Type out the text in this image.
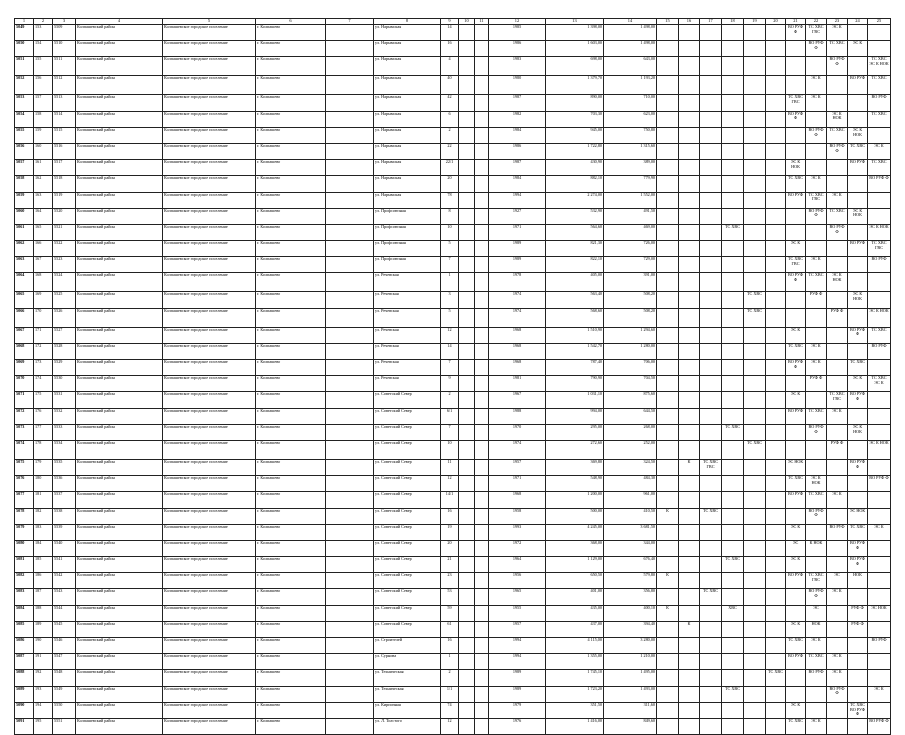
1	2	3	4	5	6	7	8	9	10	11	12	13	14	15	16	17	18	19	20	21	22	23	24	25
5049	153	5509	Колпашевский район	Колпашевское городское поселение	г. Колпашево		ул. Нарымская	14			1985	1 398,00	1 498,00							ВО РУФ Ф	ТС ХВС ГВС	ЭС К		
5050	154	5510	Колпашевский район	Колпашевское городское поселение	г. Колпашево		ул. Нарымская	16			1986	1 603,00	1 498,00								ВО РУФ Ф	ТС ХВС	ЭС К	
5051	155	5511	Колпашевский район	Колпашевское городское поселение	г. Колпашево		ул. Нарымская	4			1983	698,00	643,00									ВО РУФ Ф		ТС ХВС ЭС К НОК
5052	156	5512	Колпашевский район	Колпашевское городское поселение	г. Колпашево		ул. Нарымская	40			1980	1 379,70	1 193,20								ЭС К		ВО РУФ	ТС ХВС
5053	157	5513	Колпашевский район	Колпашевское городское поселение	г. Колпашево		ул. Нарымская	42			1987	890,00	710,00							ТС ХВС ГВС	ЭС К			ВО РУФ
5054	158	5514	Колпашевский район	Колпашевское городское поселение	г. Колпашево		ул. Нарымская	6			1982	703,30	623,00							ВО РУФ Ф		ЭС К НОК		ТС ХВС
5055	159	5515	Колпашевский район	Колпашевское городское поселение	г. Колпашево		ул. Нарымская	2			1984	945,00	750,80								ВО РУФ Ф	ТС ХВС	ЭС К НОК	
5056	160	5516	Колпашевский район	Колпашевское городское поселение	г. Колпашево		ул. Нарымская	22			1986	1 722,80	1 315,60									ВО РУФ Ф	ТС ХВС	ЭС К
5057	161	5517	Колпашевский район	Колпашевское городское поселение	г. Колпашево		ул. Нарымская	22/1			1987	430,90	389,00							ЭС К НОК			ВО РУФ	ТС ХВС
5058	162	5518	Колпашевский район	Колпашевское городское поселение	г. Колпашево		ул. Нарымская	20			1984	882,10	779,90							ТС ХВС	ЭС К			ВО РУФ Ф
5059	163	5519	Колпашевский район	Колпашевское городское поселение	г. Колпашево		ул. Нарымская	78			1994	2 274,00	1 552,00							ВО РУФ	ТС ХВС ГВС	ЭС К		
5060	164	5520	Колпашевский район	Колпашевское городское поселение	г. Колпашево		ул. Профсоюзная	8			1927	532,90	491,50								ВО РУФ Ф	ТС ХВС	ЭС К НОК	
5061	165	5521	Колпашевский район	Колпашевское городское поселение	г. Колпашево		ул. Профсоюзная	10			1971	564,60	469,00				ТС ХВС					ВО РУФ Ф		ЭС К НОК
5062	166	5522	Колпашевский район	Колпашевское городское поселение	г. Колпашево		ул. Профсоюзная	5			1989	821,30	726,00							ЭС К			ВО РУФ	ТС ХВС ГВС
5063	167	5523	Колпашевский район	Колпашевское городское поселение	г. Колпашево		ул. Профсоюзная	7			1989	822,10	729,00							ТС ХВС ГВС	ЭС К			ВО РУФ
5064	168	5524	Колпашевский район	Колпашевское городское поселение	г. Колпашево		ул. Речевская	1			1978	405,00	391,00							ВО РУФ Ф	ТС ХВС	ЭС К НОК		
5065	169	5525	Колпашевский район	Колпашевское городское поселение	г. Колпашево		ул. Речевская	3			1974	563,40	508,20					ТС ХВС			РУФ Ф		ЭС К НОК	
5066	170	5526	Колпашевский район	Колпашевское городское поселение	г. Колпашево		ул. Речевская	5			1974	568,60	508,20					ТС ХВС				РУФ Ф		ЭС К НОК
5067	171	5527	Колпашевский район	Колпашевское городское поселение	г. Колпашево		ул. Речевская	12			1968	1 510,90	1 294,60							ЭС К			ВО РУФ Ф	ТС ХВС
5068	172	5528	Колпашевский район	Колпашевское городское поселение	г. Колпашево		ул. Речевская	14			1968	1 542,70	1 280,00							ТС ХВС	ЭС К			ВО РУФ
5069	173	5529	Колпашевский район	Колпашевское городское поселение	г. Колпашево		ул. Речевская	7			1968	787,40	706,00							ВО РУФ Ф	ЭС К		ТС ХВС	
5070	174	5530	Колпашевский район	Колпашевское городское поселение	г. Колпашево		ул. Речевская	9			1981	790,90	704,50								РУФ Ф		ЭС К	ТС ХВС ЭС К
5071	175	5531	Колпашевский район	Колпашевское городское поселение	г. Колпашево		ул. Советский Север	2			1967	1 031,10	875,60							ЭС К		ТС ХВС ГВС	ВО РУФ Ф	
5072	176	5532	Колпашевский район	Колпашевское городское поселение	г. Колпашево		ул. Советский Север	6/1			1988	994,00	644,50							ВО РУФ	ТС ХВС	ЭС К		
5073	177	5533	Колпашевский район	Колпашевское городское поселение	г. Колпашево		ул. Советский Север	7			1970	295,00	268,00				ТС ХВС				ВО РУФ Ф		ЭС К НОК	
5074	178	5534	Колпашевский район	Колпашевское городское поселение	г. Колпашево		ул. Советский Север	10			1974	272,60	252,00					ТС ХВС				РУФ Ф		ЭС К НОК
5075	179	5535	Колпашевский район	Колпашевское городское поселение	г. Колпашево		ул. Советский Север	11			1957	369,80	324,50		К	ТС ХВС ГВС				ЭС НОК			ВО РУФ Ф	
5076	180	5536	Колпашевский район	Колпашевское городское поселение	г. Колпашево		ул. Советский Север	12			1971	548,90	484,30							ТС ХВС	ЭС К НОК			ВО РУФ Ф
5077	181	5537	Колпашевский район	Колпашевское городское поселение	г. Колпашево		ул. Советский Север	14/1			1968	1 200,00	961,00							ВО РУФ	ТС ХВС	ЭС К		
5078	182	5538	Колпашевский район	Колпашевское городское поселение	г. Колпашево		ул. Советский Север	16			1958	500,00	410,50	К		ТС ХВС					ВО РУФ Ф		ЭС НОК	
5079	183	5539	Колпашевский район	Колпашевское городское поселение	г. Колпашево		ул. Советский Север	19			1993	4 245,00	3 681,50							ЭС К		ВО РУФ	ТС ХВС	ЭС К
5080	184	5540	Колпашевский район	Колпашевское городское поселение	г. Колпашево		ул. Советский Север	20			1972	368,00	344,00							ЭС	К НОК		ВО РУФ Ф	
5081	185	5541	Колпашевский район	Колпашевское городское поселение	г. Колпашево		ул. Советский Север	21			1964	1 129,00	676,40				ТС ХВС			ЭС К			ВО РУФ Ф	
5082	186	5542	Колпашевский район	Колпашевское городское поселение	г. Колпашево		ул. Советский Север	23			1956	650,50	579,80	К						ВО РУФ	ТС ХВС ГВС	ЭС	НОК	
5083	187	5543	Колпашевский район	Колпашевское городское поселение	г. Колпашево		ул. Советский Север	53			1965	401,00	356,80			ТС ХВС					ВО РУФ Ф	ЭС К		
5084	188	5544	Колпашевский район	Колпашевское городское поселение	г. Колпашево		ул. Советский Север	59			1955	435,00	400,10	К			ХВС				ЭС		РУФ Ф	ЭС НОК
5085	189	5545	Колпашевский район	Колпашевское городское поселение	г. Колпашево		ул. Советский Север	61			1957	437,00	394,40		К					ЭС К	НОК		РУФ Ф	
5086	190	5546	Колпашевский район	Колпашевское городское поселение	г. Колпашево		ул. Строителей	16			1994	4 115,00	3 280,00							ТС ХВС	ЭС К			ВО РУФ
5087	191	5547	Колпашевский район	Колпашевское городское поселение	г. Колпашево		ул. Сурнова	1			1994	1 355,00	1 210,00							ВО РУФ	ТС ХВС	ЭС К		
5088	192	5548	Колпашевский район	Колпашевское городское поселение	г. Колпашево		ул. Техническая	2			1989	1 745,10	1 495,00						ТС ХВС		ВО РУФ	ЭС К		
5089	193	5549	Колпашевский район	Колпашевское городское поселение	г. Колпашево		ул. Техническая	1/1			1989	1 723,20	1 493,00				ТС ХВС					ВО РУФ Ф		ЭС К
5090	194	5550	Колпашевский район	Колпашевское городское поселение	г. Колпашево		ул. Кирпичная	74			1979	351,50	311,60							ЭС К			ТС ХВС ВО РУФ Ф	
5091	195	5551	Колпашевский район	Колпашевское городское поселение	г. Колпашево		ул. Л. Толстого	12			1976	1 416,00	849,60							ТС ХВС	ЭС К			ВО РУФ Ф
